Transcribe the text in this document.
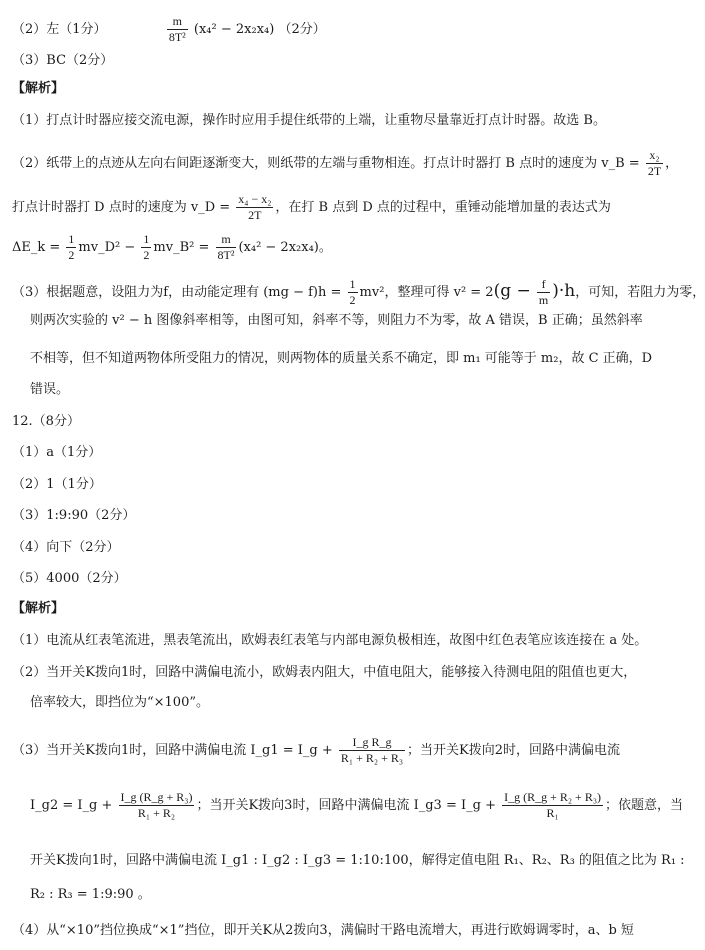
（2）左（1分）	$\frac{m}{\text{8T²}} (x_4^2 - 2x_2x_4)$ （2分）
（3）BC（2分）
【解析】
（1）打点计时器应接交流电源，操作时应用手提住纸带的上端，让重物尽量靠近打点计时器。故选 B。
（2）纸带上的点迹从左向右间距逐渐变大，则纸带的左端与重物相连。打点计时器打 B 点时的速度为 v_B = $\frac{\text{x₂}}{2T}$ ，
打点计时器打 D 点时的速度为 v_D = $\frac{\text{x₄ − x₂}}{2T}$ ，在打 B 点到 D 点的过程中，重锤动能增加量的表达式为
ΔE_k = $\frac{1}{2}$ mv_D² − $\frac{1}{2}$ mv_B² = $\frac{m}{\text{8T²}} (x_4^2 - 2x_2x_4)$。
（3）根据题意，设阻力为f，由动能定理有 $(mg - f)h = \frac{1}{2} mv^2$，整理可得 $v^2 = 2(g - \frac{f}{m} )\cdot h$，可知，若阻力为零，
则两次实验的 v² − h 图像斜率相等，由图可知，斜率不等，则阻力不为零，故 A 错误，B 正确；虽然斜率
不相等，但不知道两物体所受阻力的情况，则两物体的质量关系不确定，即 m₁ 可能等于 m₂，故 C 正确，D
错误。
12.（8分）
（1）a（1分）
（2）1（1分）
（3）1:9:90（2分）
（4）向下（2分）
（5）4000（2分）
【解析】
（1）电流从红表笔流进，黑表笔流出，欧姆表红表笔与内部电源负极相连，故图中红色表笔应该连接在 a 处。
（2）当开关K拨向1时，回路中满偏电流小，欧姆表内阻大，中值电阻大，能够接入待测电阻的阻值也更大，
倍率较大，即挡位为“×100”。
（3）当开关K拨向1时，回路中满偏电流 I_g1 = I_g + $\frac{\text{I\_g R\_g}}{\text{R₁ + R₂ + R₃}}$ ；当开关K拨向2时，回路中满偏电流
I_g2 = I_g + $\frac{\text{I\_g (R\_g + R₃)}}{\text{R₁ + R₂}}$ ；当开关K拨向3时，回路中满偏电流 I_g3 = I_g + $\frac{\text{I\_g (R\_g + R₂ + R₃)}}{\text{R₁}}$ ；依题意，当
开关K拨向1时，回路中满偏电流 I_g1 : I_g2 : I_g3 = 1:10:100，解得定值电阻 R₁、R₂、R₃ 的阻值之比为 R₁ :
R₂ : R₃ = 1:9:90 。
（4）从“×10”挡位换成“×1”挡位，即开关K从2拨向3，满偏时干路电流增大，再进行欧姆调零时，a、b 短
